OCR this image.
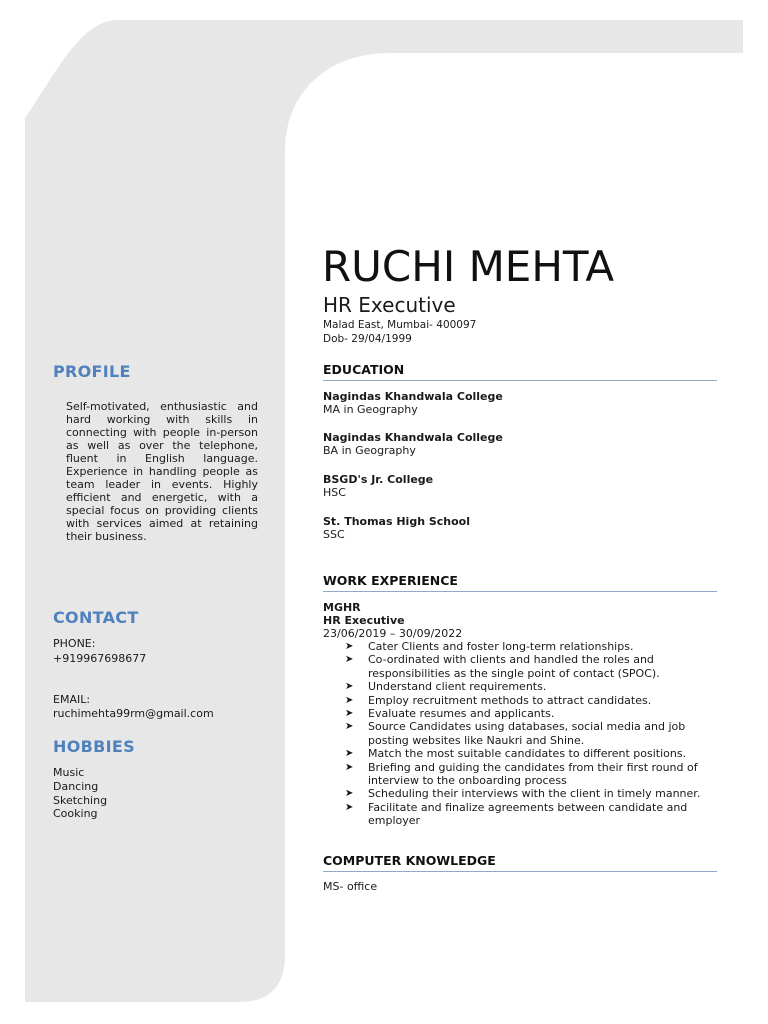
PROFILE
Self-motivated, enthusiastic and hard working with skills in connecting with people in-person as well as over the telephone, fluent in English language. Experience in handling people as team leader in events. Highly efficient and energetic, with a special focus on providing clients with services aimed at retaining their business.
CONTACT
PHONE:
+919967698677
EMAIL:
ruchimehta99rm@gmail.com
HOBBIES
Music
Dancing
Sketching
Cooking
RUCHI MEHTA
HR Executive
Malad East, Mumbai- 400097
Dob- 29/04/1999
EDUCATION
Nagindas Khandwala College
MA in Geography
Nagindas Khandwala College
BA in Geography
BSGD's Jr. College
HSC
St. Thomas High School
SSC
WORK EXPERIENCE
MGHR
HR Executive
23/06/2019 – 30/09/2022
➤ Cater Clients and foster long-term relationships.
➤ Co-ordinated with clients and handled the roles and responsibilities as the single point of contact (SPOC).
➤ Understand client requirements.
➤ Employ recruitment methods to attract candidates.
➤ Evaluate resumes and applicants.
➤ Source Candidates using databases, social media and job posting websites like Naukri and Shine.
➤ Match the most suitable candidates to different positions.
➤ Briefing and guiding the candidates from their first round of interview to the onboarding process
➤ Scheduling their interviews with the client in timely manner.
➤ Facilitate and finalize agreements between candidate and employer
COMPUTER KNOWLEDGE
MS- office
